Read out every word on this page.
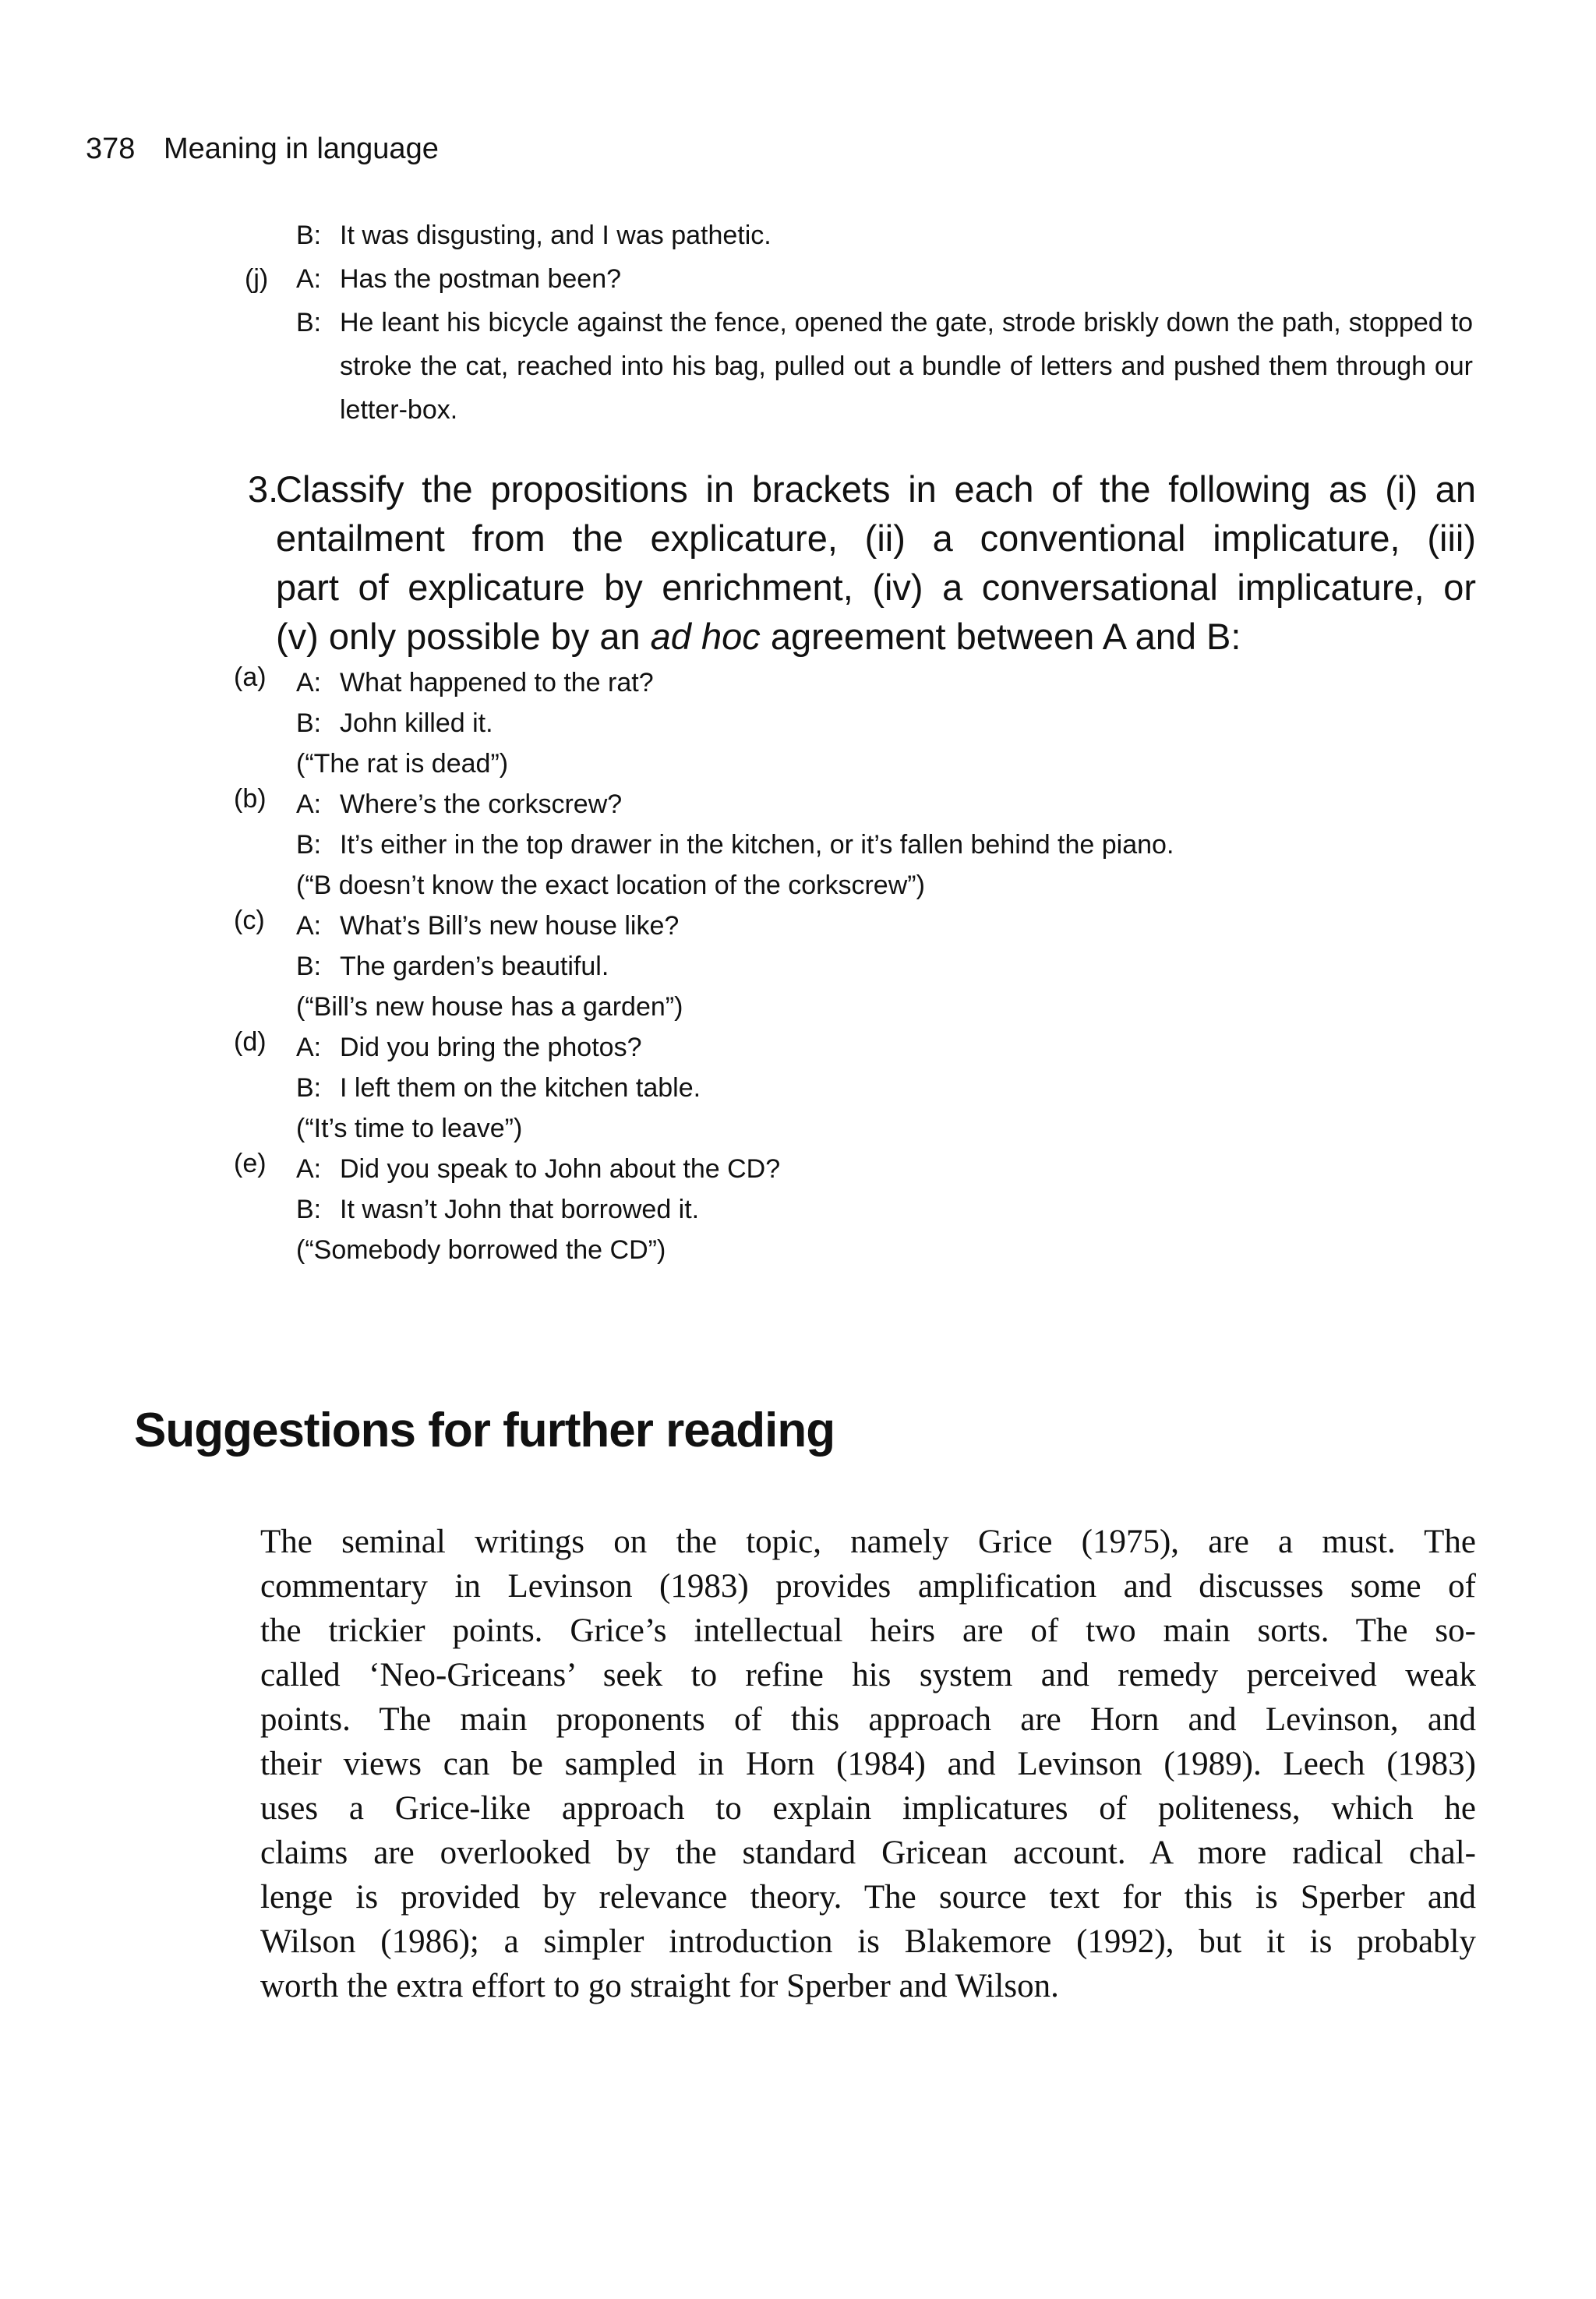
378 Meaning in language
B: It was disgusting, and I was pathetic.
(j) A: Has the postman been?
B: He leant his bicycle against the fence, opened the gate, strode briskly down the path, stopped to stroke the cat, reached into his bag, pulled out a bundle of letters and pushed them through our letter-box.
3.
Classify the propositions in brackets in each of the following as (i) an
entailment from the explicature, (ii) a conventional implicature, (iii)
part of explicature by enrichment, (iv) a conversational implicature, or
(v) only possible by an ad hoc agreement between A and B:
(a)	A: What happened to the rat?
B: John killed it.
(“The rat is dead”)
(b)	A: Where’s the corkscrew?
B: It’s either in the top drawer in the kitchen, or it’s fallen behind the piano.
(“B doesn’t know the exact location of the corkscrew”)
(c)	A: What’s Bill’s new house like?
B: The garden’s beautiful.
(“Bill’s new house has a garden”)
(d)	A: Did you bring the photos?
B: I left them on the kitchen table.
(“It’s time to leave”)
(e)	A: Did you speak to John about the CD?
B: It wasn’t John that borrowed it.
(“Somebody borrowed the CD”)
Suggestions for further reading
The seminal writings on the topic, namely Grice (1975), are a must. The
commentary in Levinson (1983) provides amplification and discusses some of
the trickier points. Grice’s intellectual heirs are of two main sorts. The so-
called ‘Neo-Griceans’ seek to refine his system and remedy perceived weak
points. The main proponents of this approach are Horn and Levinson, and
their views can be sampled in Horn (1984) and Levinson (1989). Leech (1983)
uses a Grice-like approach to explain implicatures of politeness, which he
claims are overlooked by the standard Gricean account. A more radical chal-
lenge is provided by relevance theory. The source text for this is Sperber and
Wilson (1986); a simpler introduction is Blakemore (1992), but it is probably
worth the extra effort to go straight for Sperber and Wilson.
